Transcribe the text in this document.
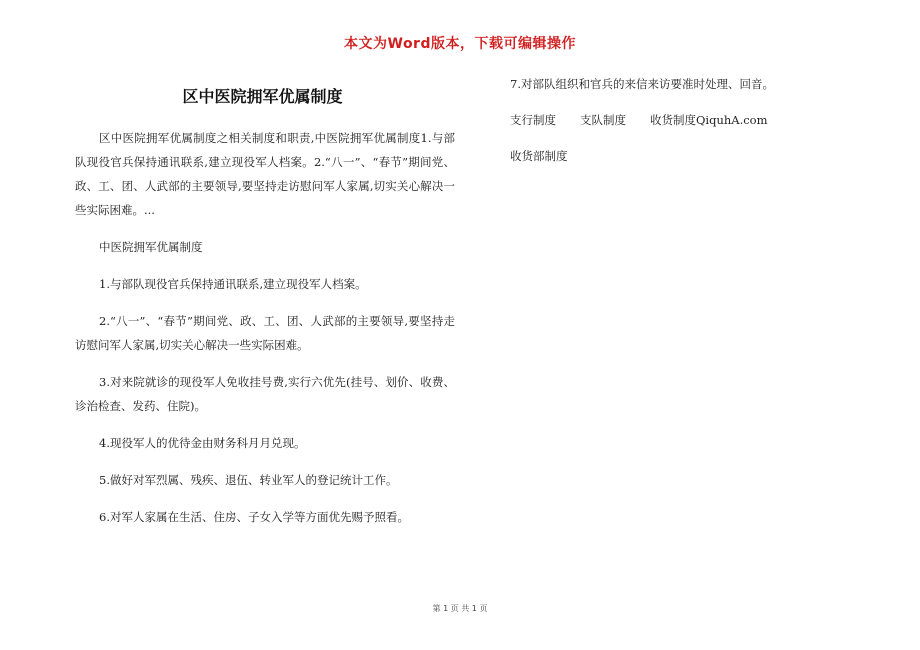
本文为Word版本，下载可编辑操作
区中医院拥军优属制度

区中医院拥军优属制度之相关制度和职责,中医院拥军优属制度1.与部队现役官兵保持通讯联系,建立现役军人档案。2.“八一”、“春节”期间党、政、工、团、人武部的主要领导,要坚持走访慰问军人家属,切实关心解决一些实际困难。...

中医院拥军优属制度

1.与部队现役官兵保持通讯联系,建立现役军人档案。

2.“八一”、“春节”期间党、政、工、团、人武部的主要领导,要坚持走访慰问军人家属,切实关心解决一些实际困难。

3.对来院就诊的现役军人免收挂号费,实行六优先(挂号、划价、收费、诊治检查、发药、住院)。

4.现役军人的优待金由财务科月月兑现。

5.做好对军烈属、残疾、退伍、转业军人的登记统计工作。

6.对军人家属在生活、住房、子女入学等方面优先赐予照看。

7.对部队组织和官兵的来信来访要准时处理、回音。

支行制度 支队制度 收货制度QiquhA.com

收货部制度

第 1 页 共 1 页
